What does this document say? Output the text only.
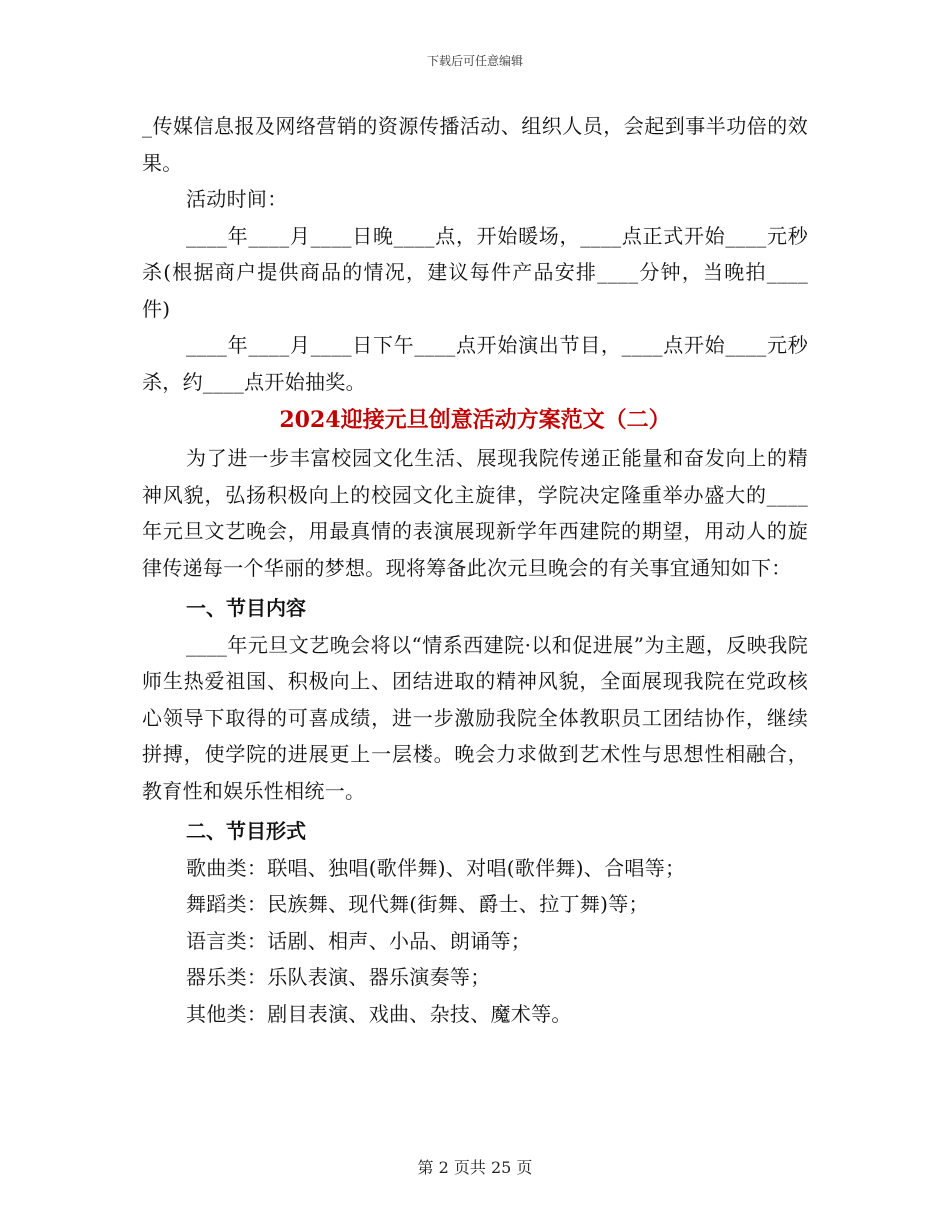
下载后可任意编辑

_传媒信息报及网络营销的资源传播活动、组织人员，会起到事半功倍的效果。

活动时间：

____年____月____日晚____点，开始暖场，____点正式开始____元秒杀(根据商户提供商品的情况，建议每件产品安排____分钟，当晚拍____件)

____年____月____日下午____点开始演出节目，____点开始____元秒杀，约____点开始抽奖。

2024迎接元旦创意活动方案范文（二）

为了进一步丰富校园文化生活、展现我院传递正能量和奋发向上的精神风貌，弘扬积极向上的校园文化主旋律，学院决定隆重举办盛大的____年元旦文艺晚会，用最真情的表演展现新学年西建院的期望，用动人的旋律传递每一个华丽的梦想。现将筹备此次元旦晚会的有关事宜通知如下：

一、节目内容

____年元旦文艺晚会将以“情系西建院·以和促进展”为主题，反映我院师生热爱祖国、积极向上、团结进取的精神风貌，全面展现我院在党政核心领导下取得的可喜成绩，进一步激励我院全体教职员工团结协作，继续拼搏，使学院的进展更上一层楼。晚会力求做到艺术性与思想性相融合，教育性和娱乐性相统一。

二、节目形式

歌曲类：联唱、独唱(歌伴舞)、对唱(歌伴舞)、合唱等；

舞蹈类：民族舞、现代舞(街舞、爵士、拉丁舞)等；

语言类：话剧、相声、小品、朗诵等；

器乐类：乐队表演、器乐演奏等；

其他类：剧目表演、戏曲、杂技、魔术等。

第 2 页共 25 页
